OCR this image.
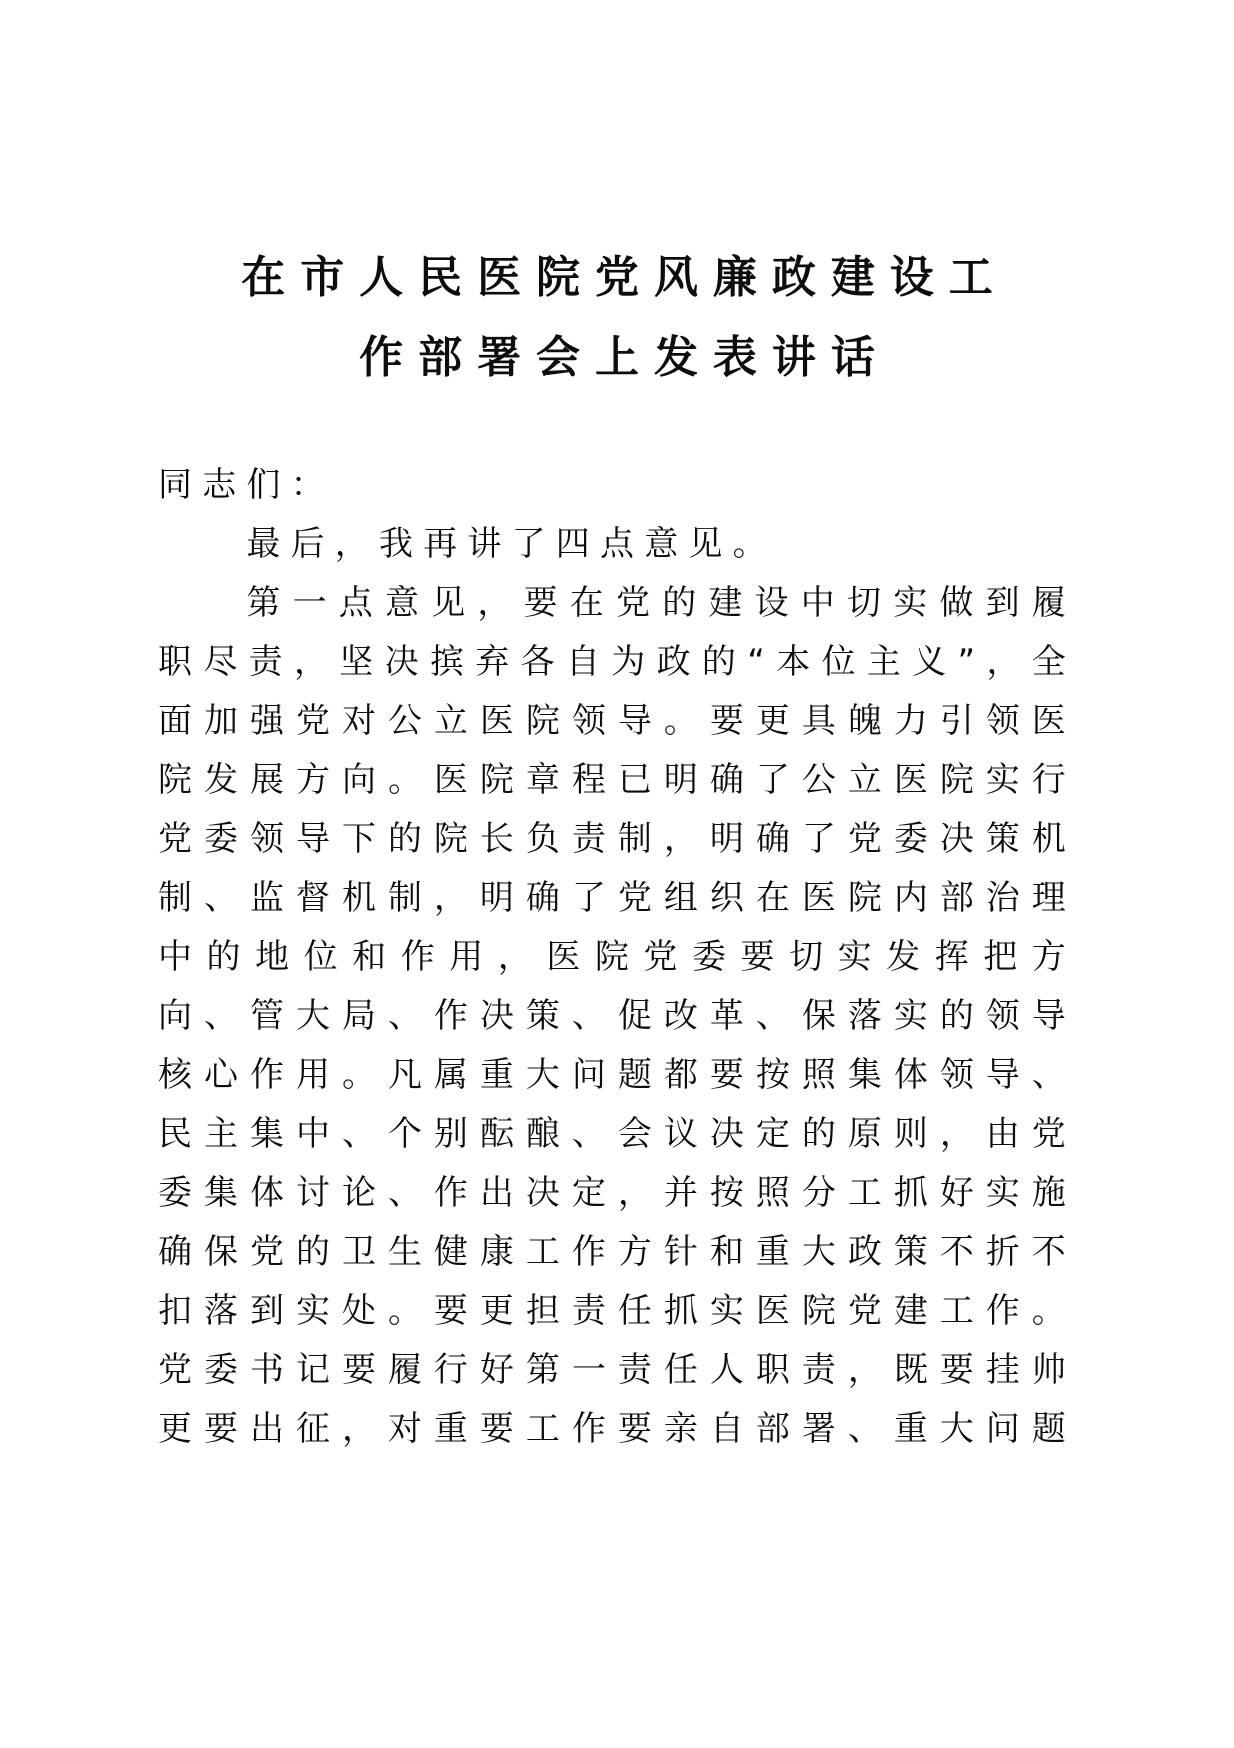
在市人民医院党风廉政建设工
作部署会上发表讲话

同志们：

最后，我再讲了四点意见。

第一点意见，要在党的建设中切实做到履职尽责，坚决摈弃各自为政的“本位主义”，全面加强党对公立医院领导。要更具魄力引领医院发展方向。医院章程已明确了公立医院实行党委领导下的院长负责制，明确了党委决策机制、监督机制，明确了党组织在医院内部治理中的地位和作用，医院党委要切实发挥把方向、管大局、作决策、促改革、保落实的领导核心作用。凡属重大问题都要按照集体领导、民主集中、个别酝酿、会议决定的原则，由党委集体讨论、作出决定，并按照分工抓好实施确保党的卫生健康工作方针和重大政策不折不扣落到实处。要更担责任抓实医院党建工作。党委书记要履行好第一责任人职责，既要挂帅更要出征，对重要工作要亲自部署、重大问题
